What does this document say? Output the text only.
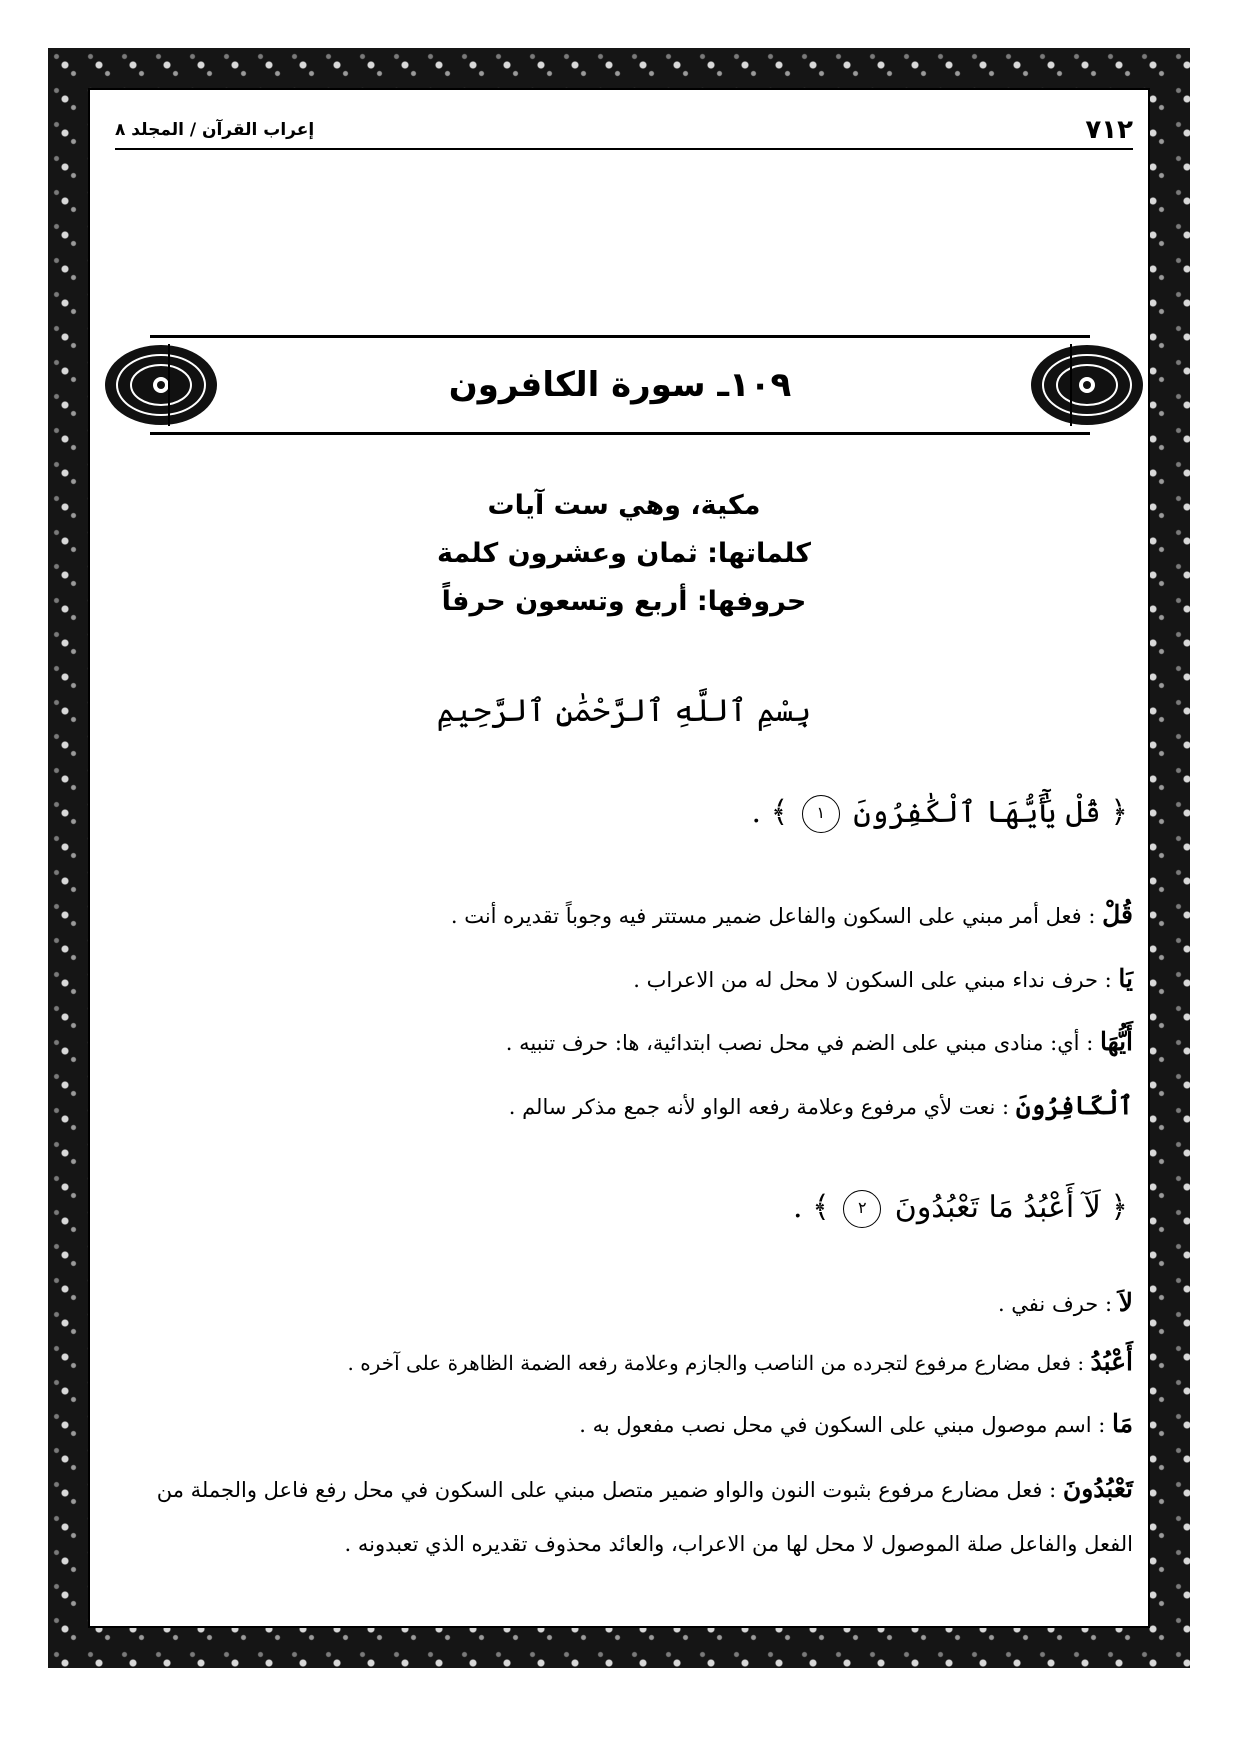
٧١٢
إعراب القرآن / المجلد ٨
١٠٩ـ سورة الكافرون
مكية، وهي ست آيات
كلماتها: ثمان وعشرون كلمة
حروفها: أربع وتسعون حرفاً
بِسْمِ ٱللَّهِ ٱلرَّحْمَٰنِ ٱلرَّحِيمِ
﴿ قُلْ يَٰٓأَيُّهَا ٱلْكَٰفِرُونَ ١ ﴾ .
قُلْ : فعل أمر مبني على السكون والفاعل ضمير مستتر فيه وجوباً تقديره أنت .
يَا : حرف نداء مبني على السكون لا محل له من الاعراب .
أَيُّهَا : أي: منادى مبني على الضم في محل نصب ابتدائية، ها: حرف تنبيه .
ٱلْكَافِرُونَ : نعت لأي مرفوع وعلامة رفعه الواو لأنه جمع مذكر سالم .
﴿ لَآ أَعْبُدُ مَا تَعْبُدُونَ ٢ ﴾ .
لاَ : حرف نفي .
أَعْبُدُ : فعل مضارع مرفوع لتجرده من الناصب والجازم وعلامة رفعه الضمة الظاهرة على آخره .
مَا : اسم موصول مبني على السكون في محل نصب مفعول به .
تَعْبُدُونَ : فعل مضارع مرفوع بثبوت النون والواو ضمير متصل مبني على السكون في محل رفع فاعل والجملة من الفعل والفاعل صلة الموصول لا محل لها من الاعراب، والعائد محذوف تقديره الذي تعبدونه .
